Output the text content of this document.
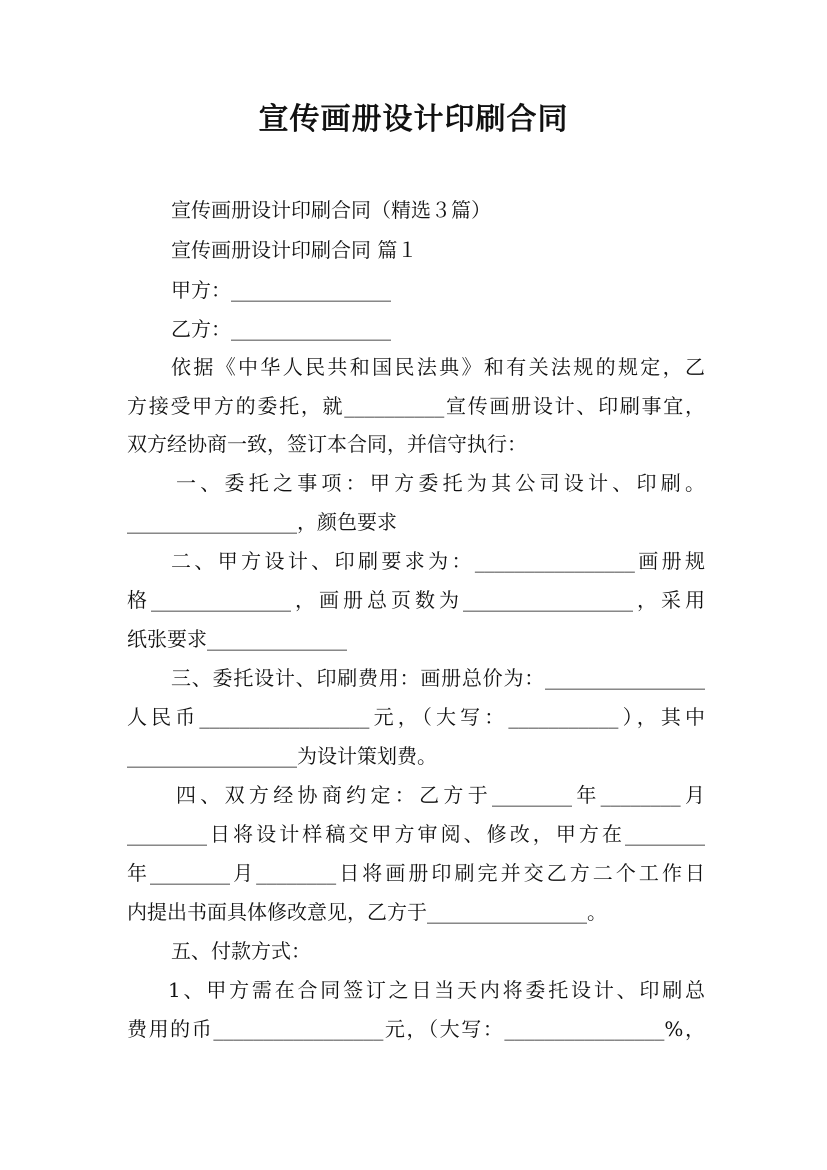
宣传画册设计印刷合同
宣传画册设计印刷合同（精选３篇）
宣传画册设计印刷合同 篇１
甲方：________________
乙方：________________
依据《中华人民共和国民法典》和有关法规的规定，乙
方接受甲方的委托，就__________宣传画册设计、印刷事宜，
双方经协商一致，签订本合同，并信守执行：
一、委托之事项：甲方委托为其公司设计、印刷。
_________________，颜色要求
二、甲方设计、印刷要求为：________________画册规
格______________，画册总页数为_________________，采用
纸张要求______________
三、委托设计、印刷费用：画册总价为：________________
人民币_________________元，（大写：___________），其中
_________________为设计策划费。
四、双方经协商约定：乙方于________年________月
________日将设计样稿交甲方审阅、修改，甲方在________
年________月________日将画册印刷完并交乙方二个工作日
内提出书面具体修改意见，乙方于________________。
五、付款方式：
1、甲方需在合同签订之日当天内将委托设计、印刷总
费用的币_________________元，（大写：________________%，
